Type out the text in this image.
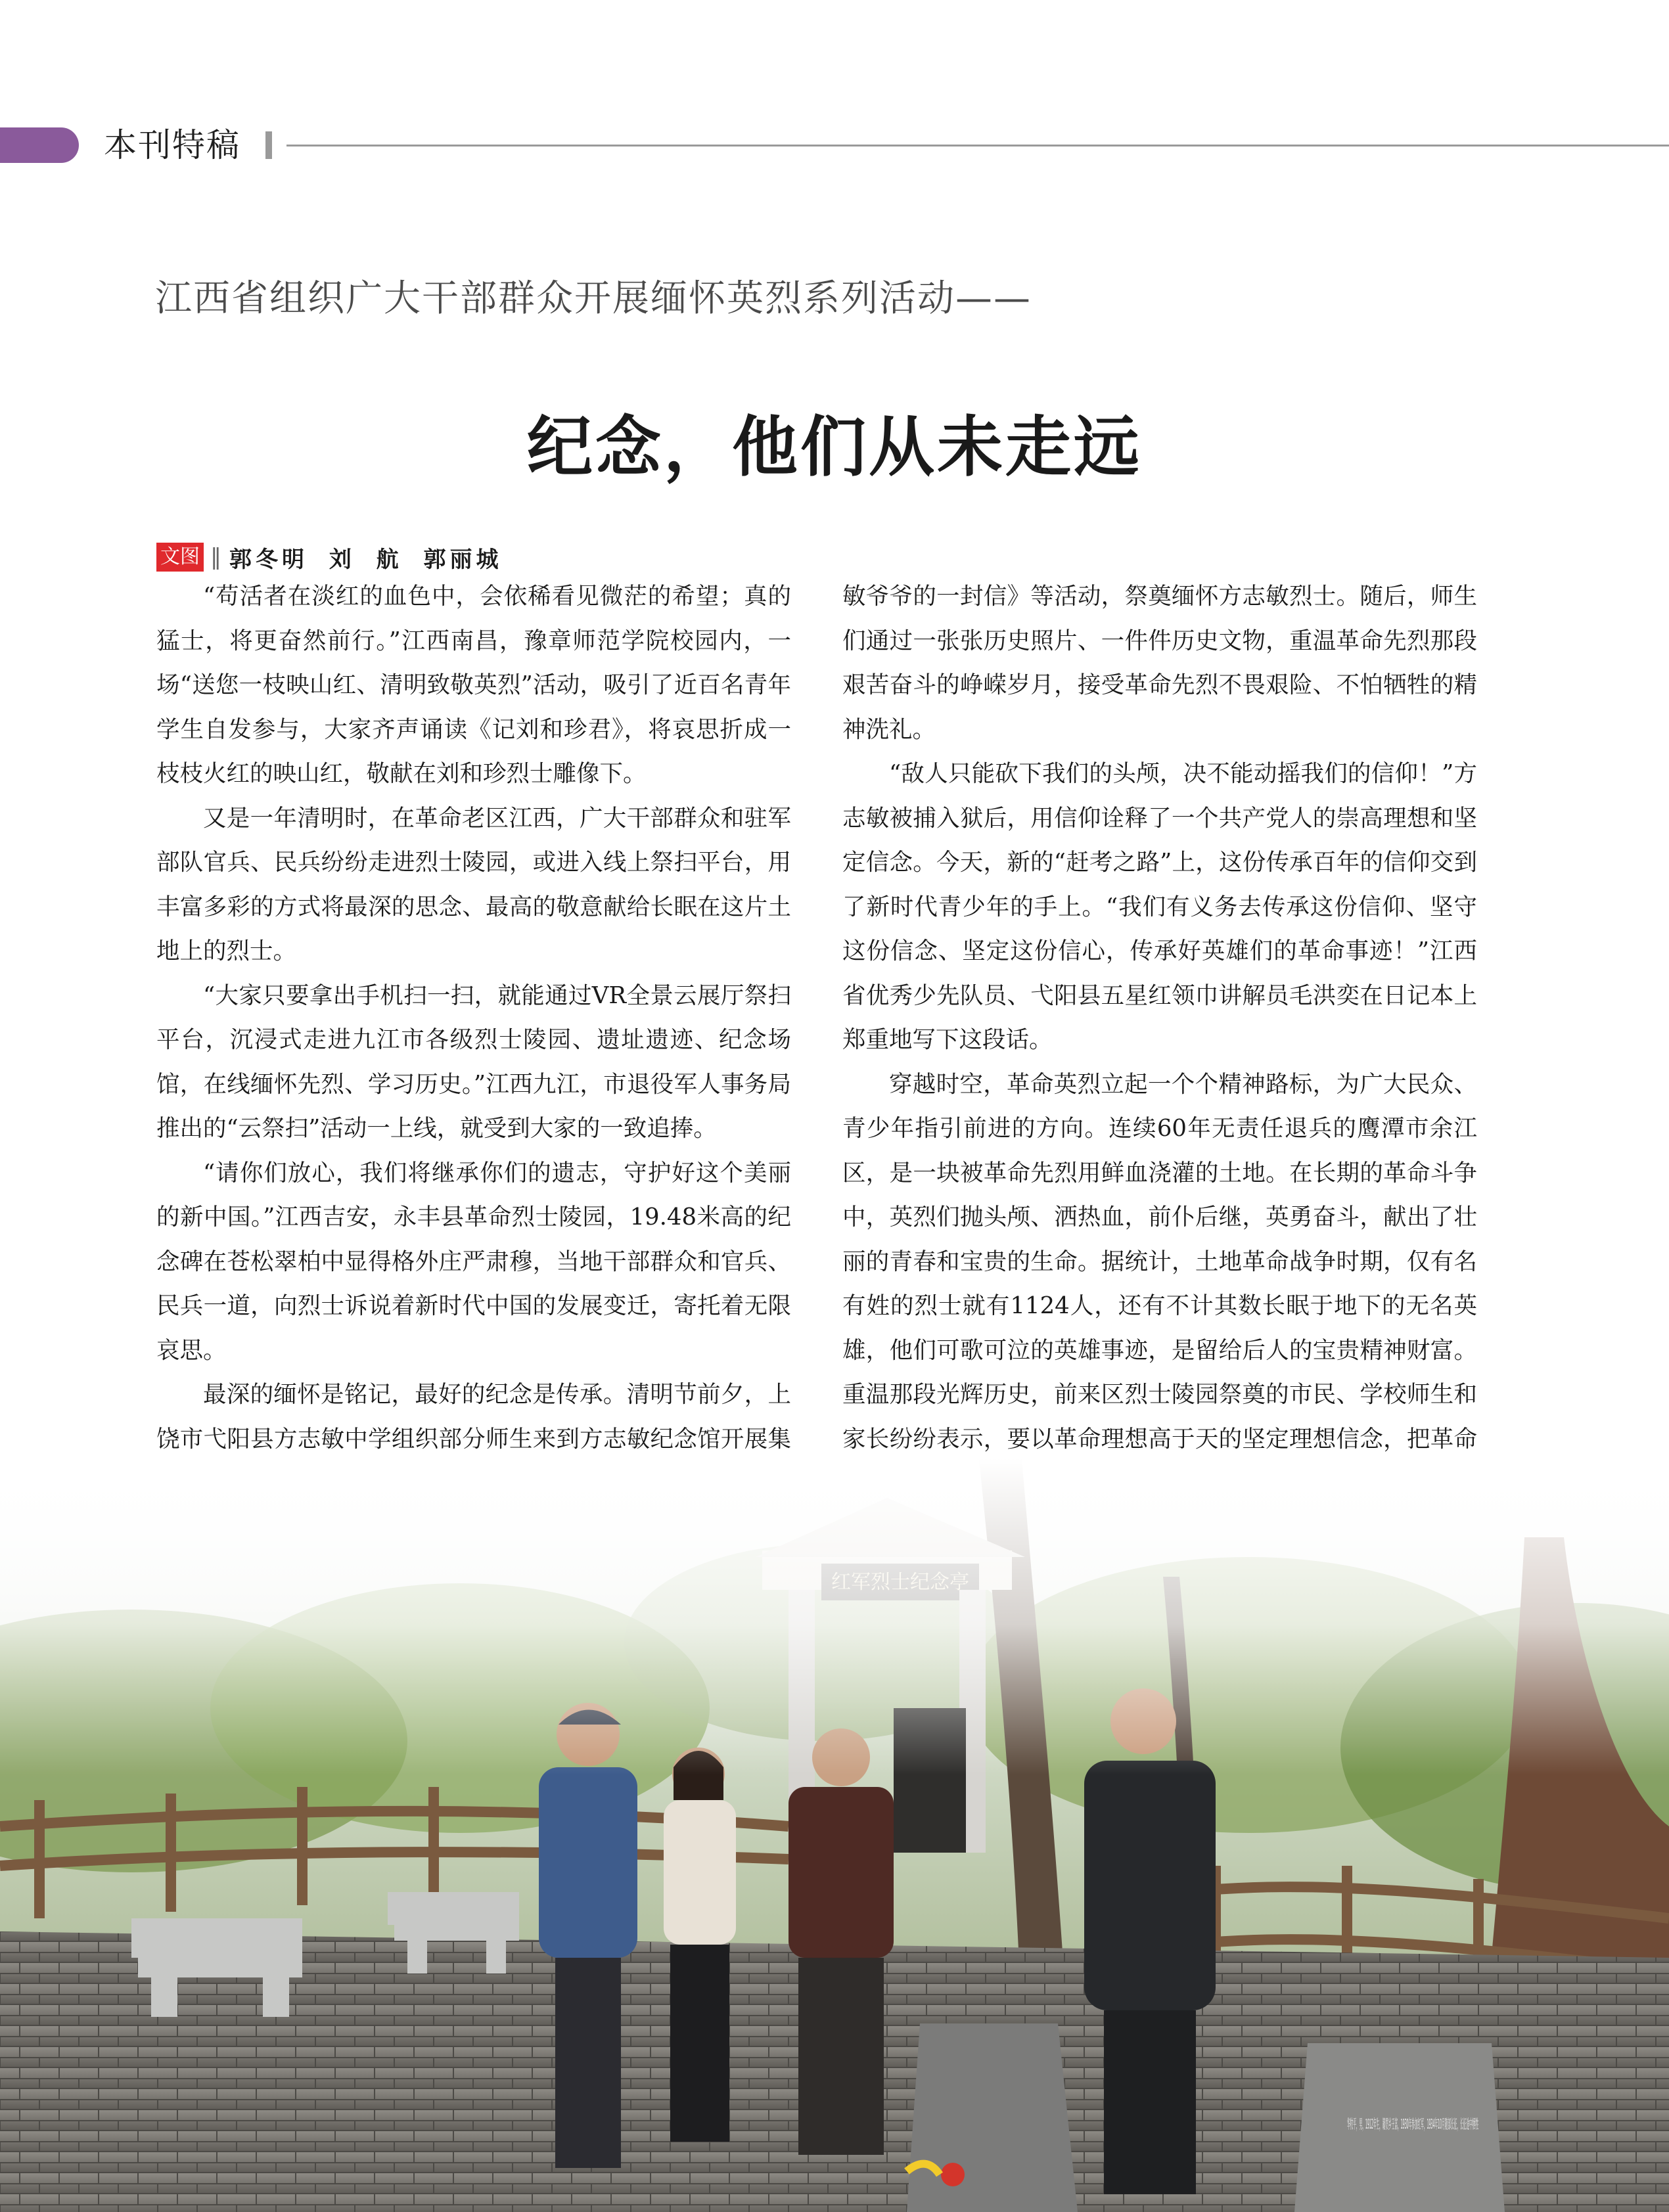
本刊特稿
江西省组织广大干部群众开展缅怀英烈系列活动——
纪念，他们从未走远
文图 ‖ 郭冬明 刘 航 郭丽城

“苟活者在淡红的血色中，会依稀看见微茫的希望；真的猛士，将更奋然前行。”江西南昌，豫章师范学院校园内，一场“送您一枝映山红、清明致敬英烈”活动，吸引了近百名青年学生自发参与，大家齐声诵读《记刘和珍君》，将哀思折成一枝枝火红的映山红，敬献在刘和珍烈士雕像下。

又是一年清明时，在革命老区江西，广大干部群众和驻军部队官兵、民兵纷纷走进烈士陵园，或进入线上祭扫平台，用丰富多彩的方式将最深的思念、最高的敬意献给长眠在这片土地上的烈士。

“大家只要拿出手机扫一扫，就能通过VR全景云展厅祭扫平台，沉浸式走进九江市各级烈士陵园、遗址遗迹、纪念场馆，在线缅怀先烈、学习历史。”江西九江，市退役军人事务局推出的“云祭扫”活动一上线，就受到大家的一致追捧。

“请你们放心，我们将继承你们的遗志，守护好这个美丽的新中国。”江西吉安，永丰县革命烈士陵园，19.48米高的纪念碑在苍松翠柏中显得格外庄严肃穆，当地干部群众和官兵、民兵一道，向烈士诉说着新时代中国的发展变迁，寄托着无限哀思。

最深的缅怀是铭记，最好的纪念是传承。清明节前夕，上饶市弋阳县方志敏中学组织部分师生来到方志敏纪念馆开展集

敏爷爷的一封信》等活动，祭奠缅怀方志敏烈士。随后，师生们通过一张张历史照片、一件件历史文物，重温革命先烈那段艰苦奋斗的峥嵘岁月，接受革命先烈不畏艰险、不怕牺牲的精神洗礼。

“敌人只能砍下我们的头颅，决不能动摇我们的信仰！”方志敏被捕入狱后，用信仰诠释了一个共产党人的崇高理想和坚定信念。今天，新的“赶考之路”上，这份传承百年的信仰交到了新时代青少年的手上。“我们有义务去传承这份信仰、坚守这份信念、坚定这份信心，传承好英雄们的革命事迹！”江西省优秀少先队员、弋阳县五星红领巾讲解员毛洪奕在日记本上郑重地写下这段话。

穿越时空，革命英烈立起一个个精神路标，为广大民众、青少年指引前进的方向。连续60年无责任退兵的鹰潭市余江区，是一块被革命先烈用鲜血浇灌的土地。在长期的革命斗争中，英烈们抛头颅、洒热血，前仆后继，英勇奋斗，献出了壮丽的青春和宝贵的生命。据统计，土地革命战争时期，仅有名有姓的烈士就有1124人，还有不计其数长眠于地下的无名英雄，他们可歌可泣的英雄事迹，是留给后人的宝贵精神财富。重温那段光辉历史，前来区烈士陵园祭奠的市民、学校师生和家长纷纷表示，要以革命理想高于天的坚定理想信念，把革命
